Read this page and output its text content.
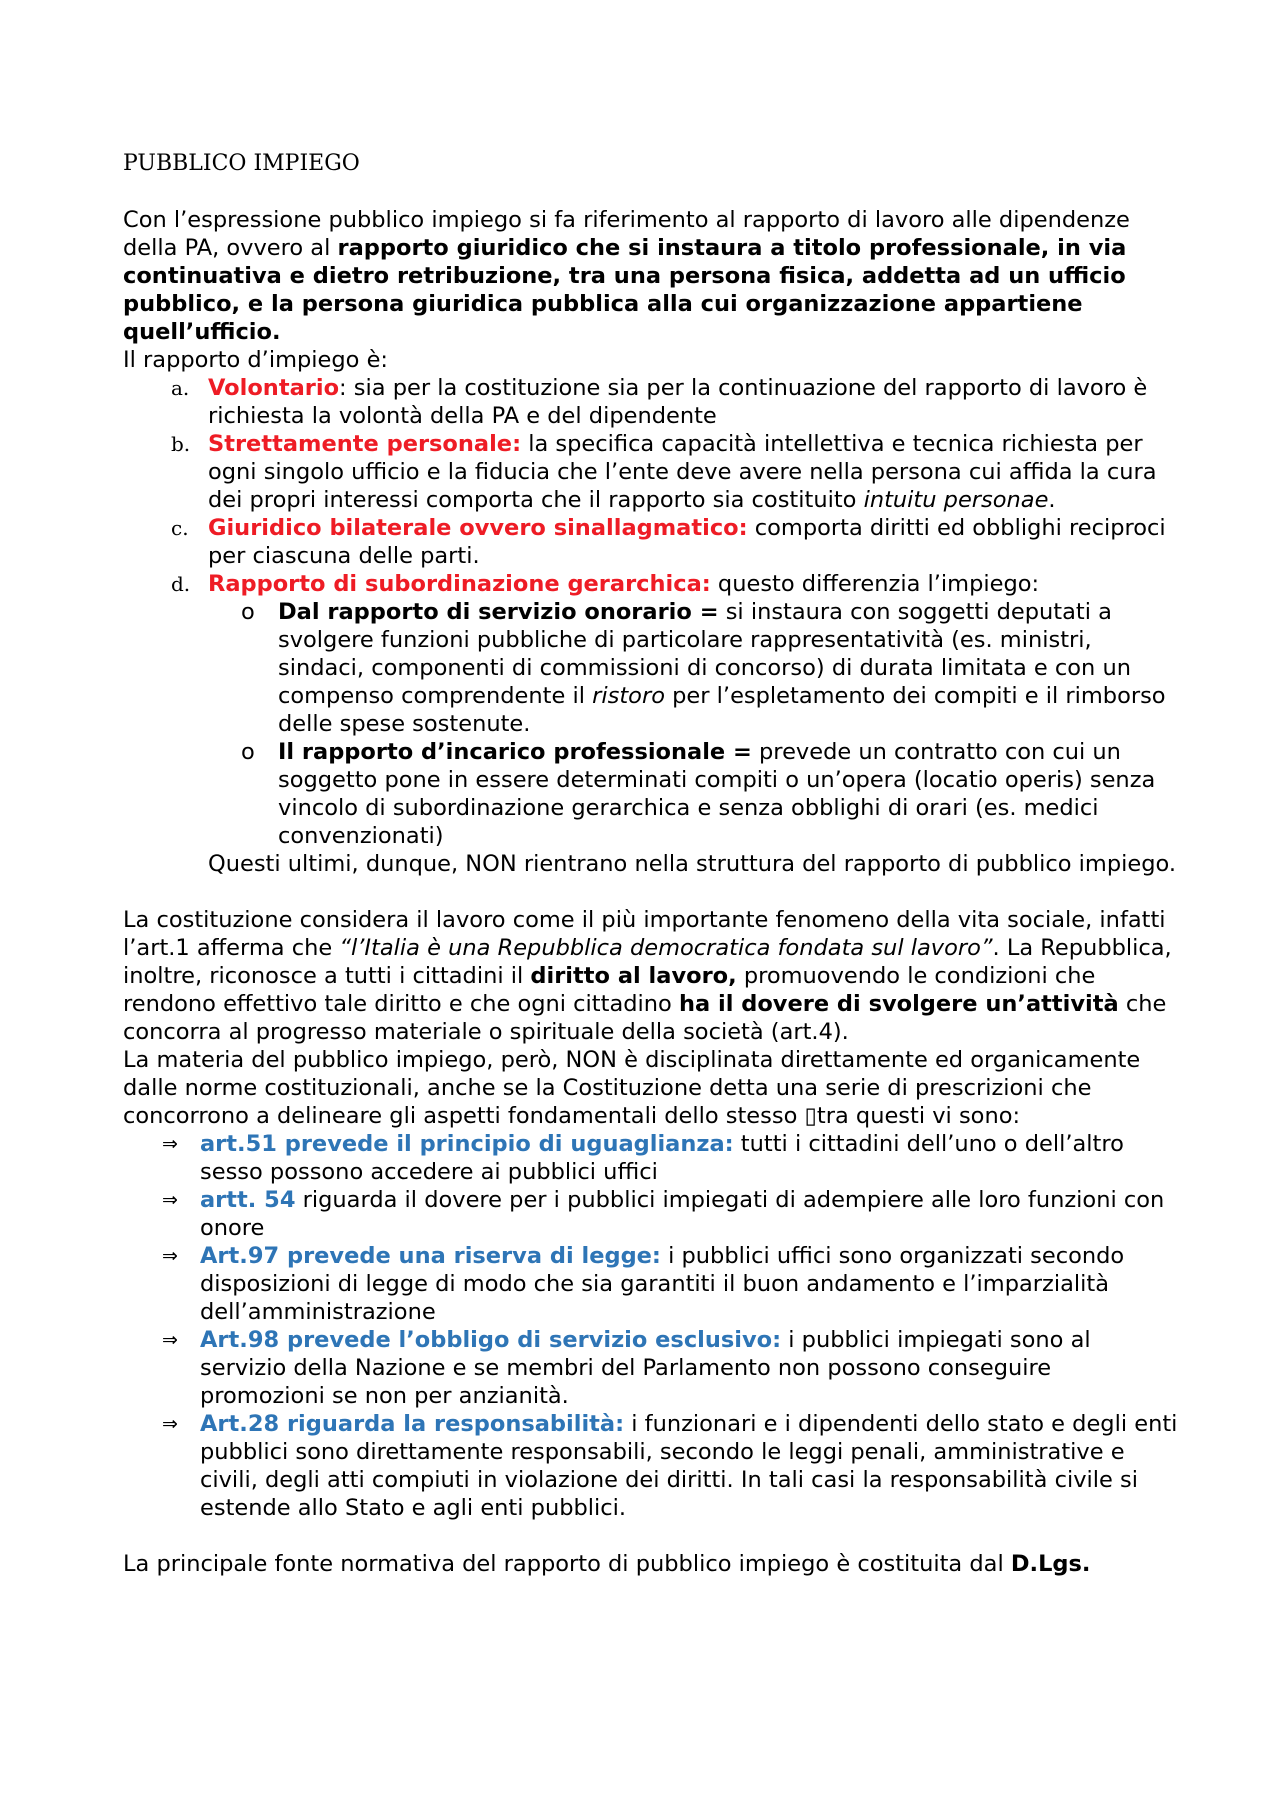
PUBBLICO IMPIEGO

Con l’espressione pubblico impiego si fa riferimento al rapporto di lavoro alle dipendenze della PA, ovvero al rapporto giuridico che si instaura a titolo professionale, in via continuativa e dietro retribuzione, tra una persona fisica, addetta ad un ufficio pubblico, e la persona giuridica pubblica alla cui organizzazione appartiene quell’ufficio.

Il rapporto d’impiego è:

a. Volontario: sia per la costituzione sia per la continuazione del rapporto di lavoro è richiesta la volontà della PA e del dipendente
b. Strettamente personale: la specifica capacità intellettiva e tecnica richiesta per ogni singolo ufficio e la fiducia che l’ente deve avere nella persona cui affida la cura dei propri interessi comporta che il rapporto sia costituito intuitu personae.
c. Giuridico bilaterale ovvero sinallagmatico: comporta diritti ed obblighi reciproci per ciascuna delle parti.
d. Rapporto di subordinazione gerarchica: questo differenzia l’impiego:
o Dal rapporto di servizio onorario = si instaura con soggetti deputati a svolgere funzioni pubbliche di particolare rappresentatività (es. ministri, sindaci, componenti di commissioni di concorso) di durata limitata e con un compenso comprendente il ristoro per l’espletamento dei compiti e il rimborso delle spese sostenute.
o Il rapporto d’incarico professionale = prevede un contratto con cui un soggetto pone in essere determinati compiti o un’opera (locatio operis) senza vincolo di subordinazione gerarchica e senza obblighi di orari (es. medici convenzionati)

Questi ultimi, dunque, NON rientrano nella struttura del rapporto di pubblico impiego.

La costituzione considera il lavoro come il più importante fenomeno della vita sociale, infatti l’art.1 afferma che “l’Italia è una Repubblica democratica fondata sul lavoro”. La Repubblica, inoltre, riconosce a tutti i cittadini il diritto al lavoro, promuovendo le condizioni che rendono effettivo tale diritto e che ogni cittadino ha il dovere di svolgere un’attività che concorra al progresso materiale o spirituale della società (art.4).

La materia del pubblico impiego, però, NON è disciplinata direttamente ed organicamente dalle norme costituzionali, anche se la Costituzione detta una serie di prescrizioni che concorrono a delineare gli aspetti fondamentali dello stesso ▯tra questi vi sono:

⇒ art.51 prevede il principio di uguaglianza: tutti i cittadini dell’uno o dell’altro sesso possono accedere ai pubblici uffici
⇒ artt. 54 riguarda il dovere per i pubblici impiegati di adempiere alle loro funzioni con onore
⇒ Art.97 prevede una riserva di legge: i pubblici uffici sono organizzati secondo disposizioni di legge di modo che sia garantiti il buon andamento e l’imparzialità dell’amministrazione
⇒ Art.98 prevede l’obbligo di servizio esclusivo: i pubblici impiegati sono al servizio della Nazione e se membri del Parlamento non possono conseguire promozioni se non per anzianità.
⇒ Art.28 riguarda la responsabilità: i funzionari e i dipendenti dello stato e degli enti pubblici sono direttamente responsabili, secondo le leggi penali, amministrative e civili, degli atti compiuti in violazione dei diritti. In tali casi la responsabilità civile si estende allo Stato e agli enti pubblici.

La principale fonte normativa del rapporto di pubblico impiego è costituita dal D.Lgs.
